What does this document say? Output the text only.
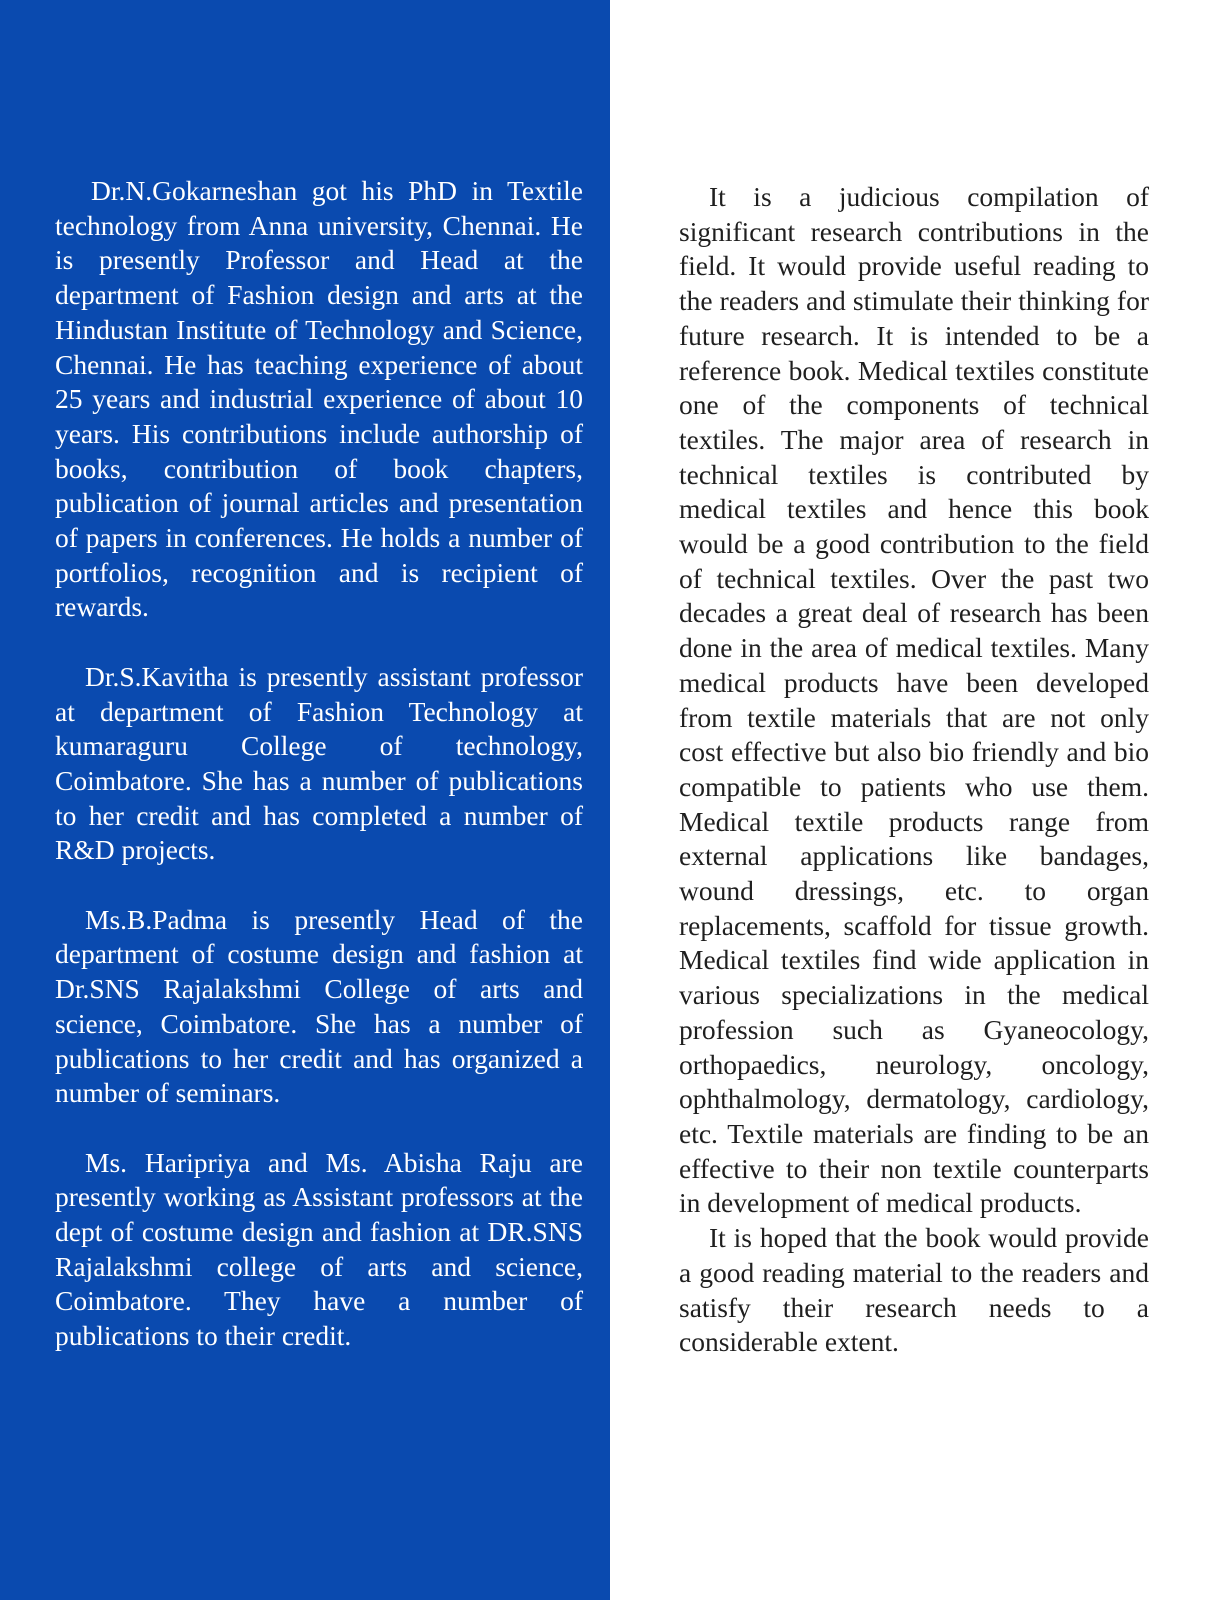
Dr.N.Gokarneshan got his PhD in Textile technology from Anna university, Chennai. He is presently Professor and Head at the department of Fashion design and arts at the Hindustan Institute of Technology and Science, Chennai. He has teaching experience of about 25 years and industrial experience of about 10 years. His contributions include authorship of books, contribution of book chapters, publication of journal articles and presentation of papers in conferences. He holds a number of portfolios, recognition and is recipient of rewards.

Dr.S.Kavitha is presently assistant professor at department of Fashion Technology at kumaraguru College of technology, Coimbatore. She has a number of publications to her credit and has completed a number of R&D projects.

Ms.B.Padma is presently Head of the department of costume design and fashion at Dr.SNS Rajalakshmi College of arts and science, Coimbatore. She has a number of publications to her credit and has organized a number of seminars.

Ms. Haripriya and Ms. Abisha Raju are presently working as Assistant professors at the dept of costume design and fashion at DR.SNS Rajalakshmi college of arts and science, Coimbatore. They have a number of publications to their credit.

It is a judicious compilation of significant research contributions in the field. It would provide useful reading to the readers and stimulate their thinking for future research. It is intended to be a reference book. Medical textiles constitute one of the components of technical textiles. The major area of research in technical textiles is contributed by medical textiles and hence this book would be a good contribution to the field of technical textiles. Over the past two decades a great deal of research has been done in the area of medical textiles. Many medical products have been developed from textile materials that are not only cost effective but also bio friendly and bio compatible to patients who use them. Medical textile products range from external applications like bandages, wound dressings, etc. to organ replacements, scaffold for tissue growth. Medical textiles find wide application in various specializations in the medical profession such as Gyaneocology, orthopaedics, neurology, oncology, ophthalmology, dermatology, cardiology, etc. Textile materials are finding to be an effective to their non textile counterparts in development of medical products.

It is hoped that the book would provide a good reading material to the readers and satisfy their research needs to a considerable extent.
